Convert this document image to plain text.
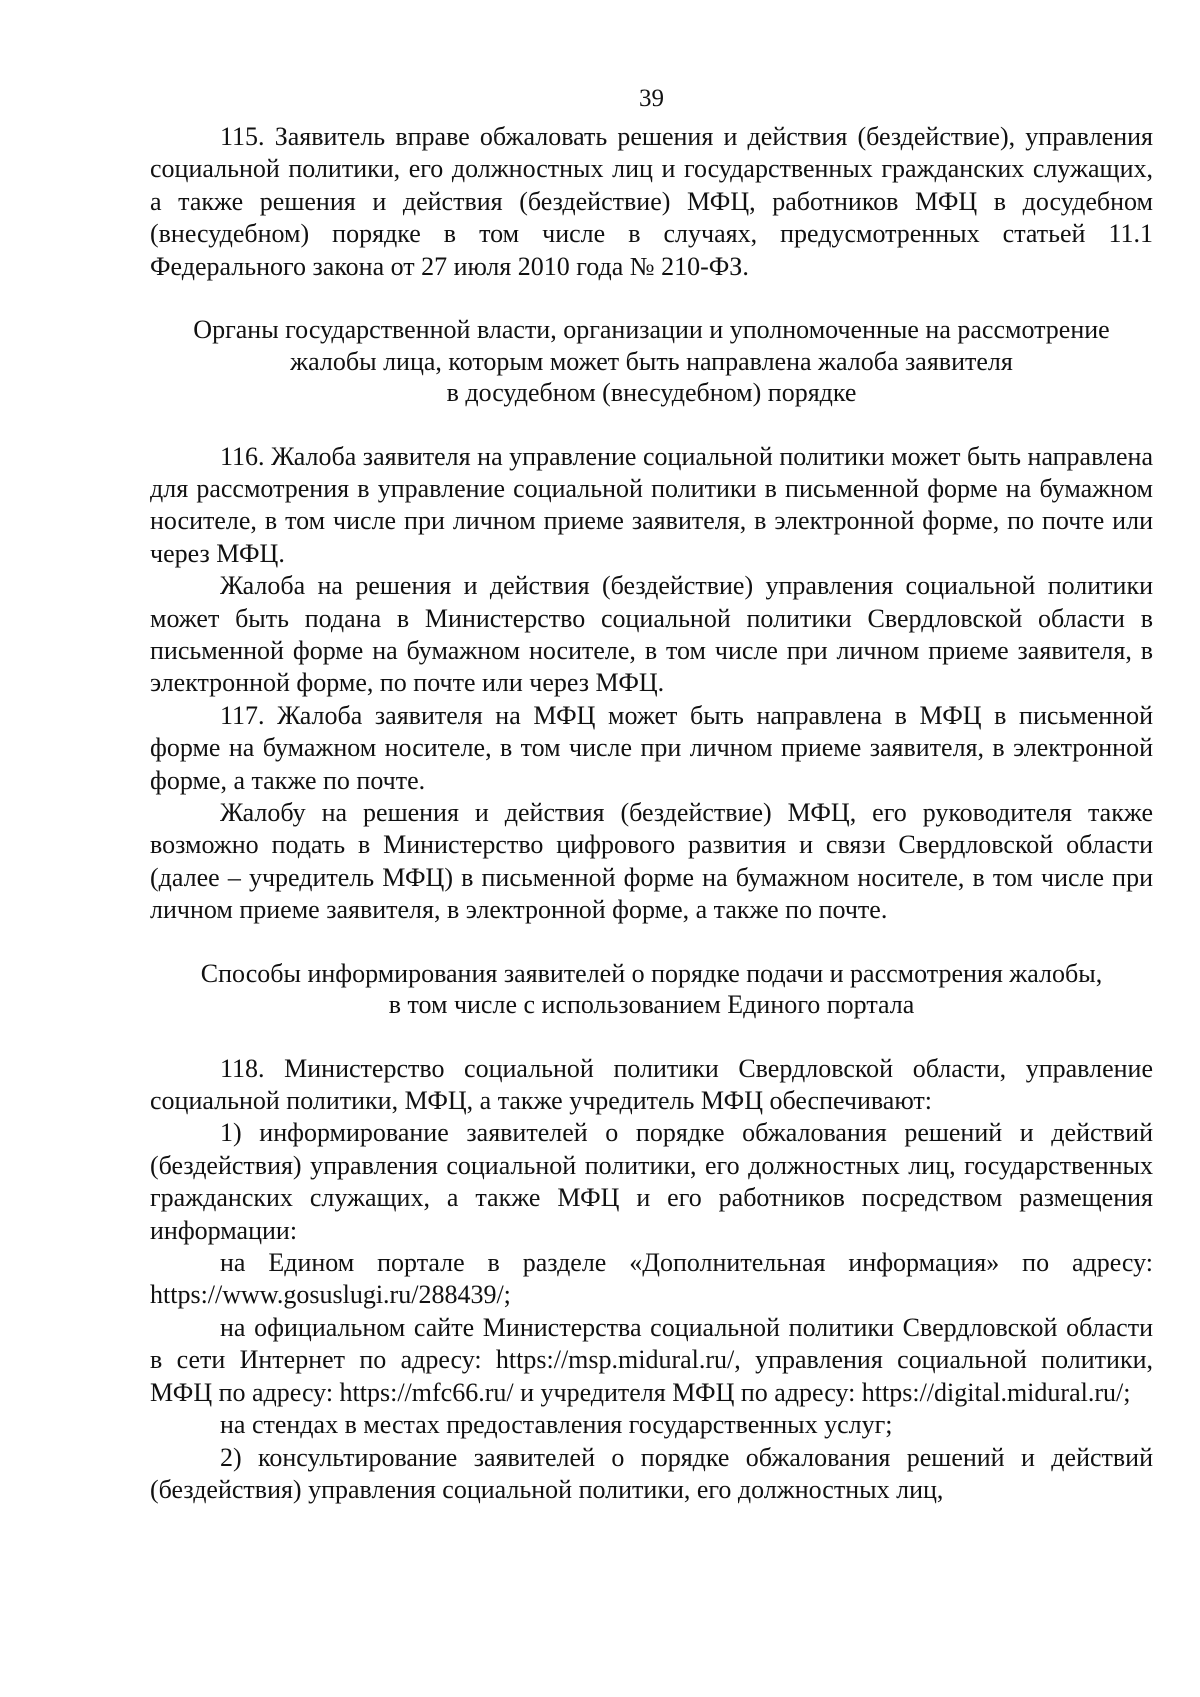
39

115. Заявитель вправе обжаловать решения и действия (бездействие), управления социальной политики, его должностных лиц и государственных гражданских служащих, а также решения и действия (бездействие) МФЦ, работников МФЦ в досудебном (внесудебном) порядке в том числе в случаях, предусмотренных статьей 11.1 Федерального закона от 27 июля 2010 года № 210-ФЗ.

Органы государственной власти, организации и уполномоченные на рассмотрение
жалобы лица, которым может быть направлена жалоба заявителя
в досудебном (внесудебном) порядке

116. Жалоба заявителя на управление социальной политики может быть направлена для рассмотрения в управление социальной политики в письменной форме на бумажном носителе, в том числе при личном приеме заявителя, в электронной форме, по почте или через МФЦ.

Жалоба на решения и действия (бездействие) управления социальной политики может быть подана в Министерство социальной политики Свердловской области в письменной форме на бумажном носителе, в том числе при личном приеме заявителя, в электронной форме, по почте или через МФЦ.

117. Жалоба заявителя на МФЦ может быть направлена в МФЦ в письменной форме на бумажном носителе, в том числе при личном приеме заявителя, в электронной форме, а также по почте.

Жалобу на решения и действия (бездействие) МФЦ, его руководителя также возможно подать в Министерство цифрового развития и связи Свердловской области (далее – учредитель МФЦ) в письменной форме на бумажном носителе, в том числе при личном приеме заявителя, в электронной форме, а также по почте.

Способы информирования заявителей о порядке подачи и рассмотрения жалобы,
в том числе с использованием Единого портала

118. Министерство социальной политики Свердловской области, управление социальной политики, МФЦ, а также учредитель МФЦ обеспечивают:

1) информирование заявителей о порядке обжалования решений и действий (бездействия) управления социальной политики, его должностных лиц, государственных гражданских служащих, а также МФЦ и его работников посредством размещения информации:

на Едином портале в разделе «Дополнительная информация» по адресу: https://www.gosuslugi.ru/288439/;

на официальном сайте Министерства социальной политики Свердловской области в сети Интернет по адресу: https://msp.midural.ru/, управления социальной политики, МФЦ по адресу: https://mfc66.ru/ и учредителя МФЦ по адресу: https://digital.midural.ru/;

на стендах в местах предоставления государственных услуг;

2) консультирование заявителей о порядке обжалования решений и действий (бездействия) управления социальной политики, его должностных лиц,
